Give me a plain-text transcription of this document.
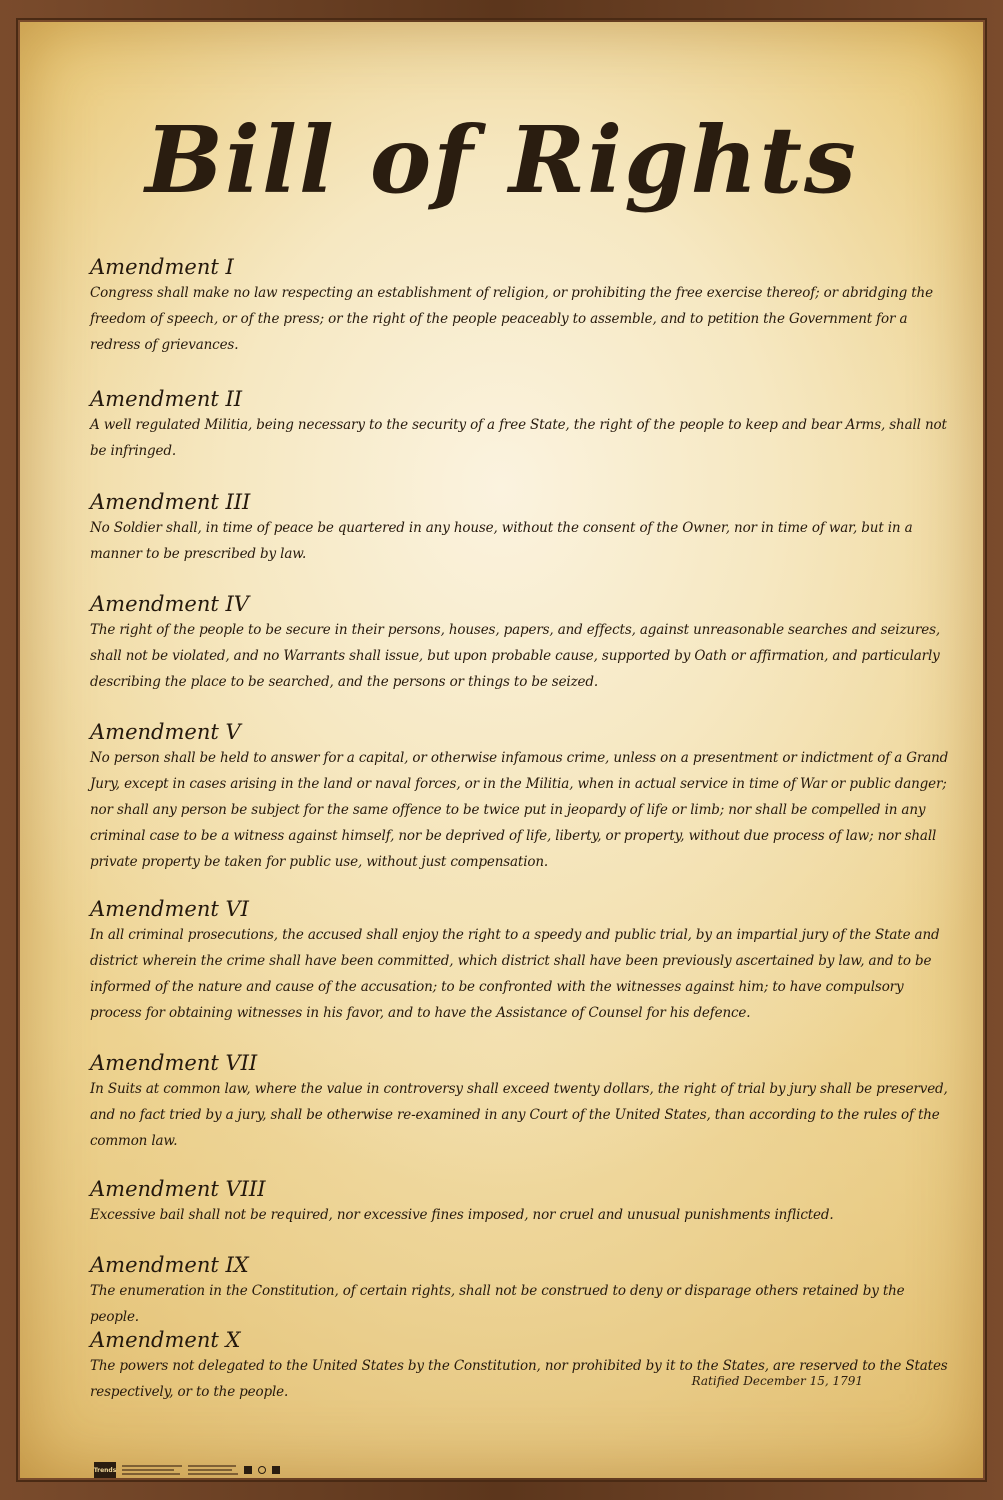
Bill of Rights
Amendment I

Congress shall make no law respecting an establishment of religion, or prohibiting the free exercise thereof; or abridging the freedom of speech, or of the press; or the right of the people peaceably to assemble, and to petition the Government for a redress of grievances.

Amendment II

A well regulated Militia, being necessary to the security of a free State, the right of the people to keep and bear Arms, shall not be infringed.

Amendment III

No Soldier shall, in time of peace be quartered in any house, without the consent of the Owner, nor in time of war, but in a manner to be prescribed by law.

Amendment IV

The right of the people to be secure in their persons, houses, papers, and effects, against unreasonable searches and seizures, shall not be violated, and no Warrants shall issue, but upon probable cause, supported by Oath or affirmation, and particularly describing the place to be searched, and the persons or things to be seized.

Amendment V

No person shall be held to answer for a capital, or otherwise infamous crime, unless on a presentment or indictment of a Grand Jury, except in cases arising in the land or naval forces, or in the Militia, when in actual service in time of War or public danger; nor shall any person be subject for the same offence to be twice put in jeopardy of life or limb; nor shall be compelled in any criminal case to be a witness against himself, nor be deprived of life, liberty, or property, without due process of law; nor shall private property be taken for public use, without just compensation.

Amendment VI

In all criminal prosecutions, the accused shall enjoy the right to a speedy and public trial, by an impartial jury of the State and district wherein the crime shall have been committed, which district shall have been previously ascertained by law, and to be informed of the nature and cause of the accusation; to be confronted with the witnesses against him; to have compulsory process for obtaining witnesses in his favor, and to have the Assistance of Counsel for his defence.

Amendment VII

In Suits at common law, where the value in controversy shall exceed twenty dollars, the right of trial by jury shall be preserved, and no fact tried by a jury, shall be otherwise re-examined in any Court of the United States, than according to the rules of the common law.

Amendment VIII

Excessive bail shall not be required, nor excessive fines imposed, nor cruel and unusual punishments inflicted.

Amendment IX

The enumeration in the Constitution, of certain rights, shall not be construed to deny or disparage others retained by the people.

Amendment X

The powers not delegated to the United States by the Constitution, nor prohibited by it to the States, are reserved to the States respectively, or to the people.

Ratified December 15, 1791
Trends
